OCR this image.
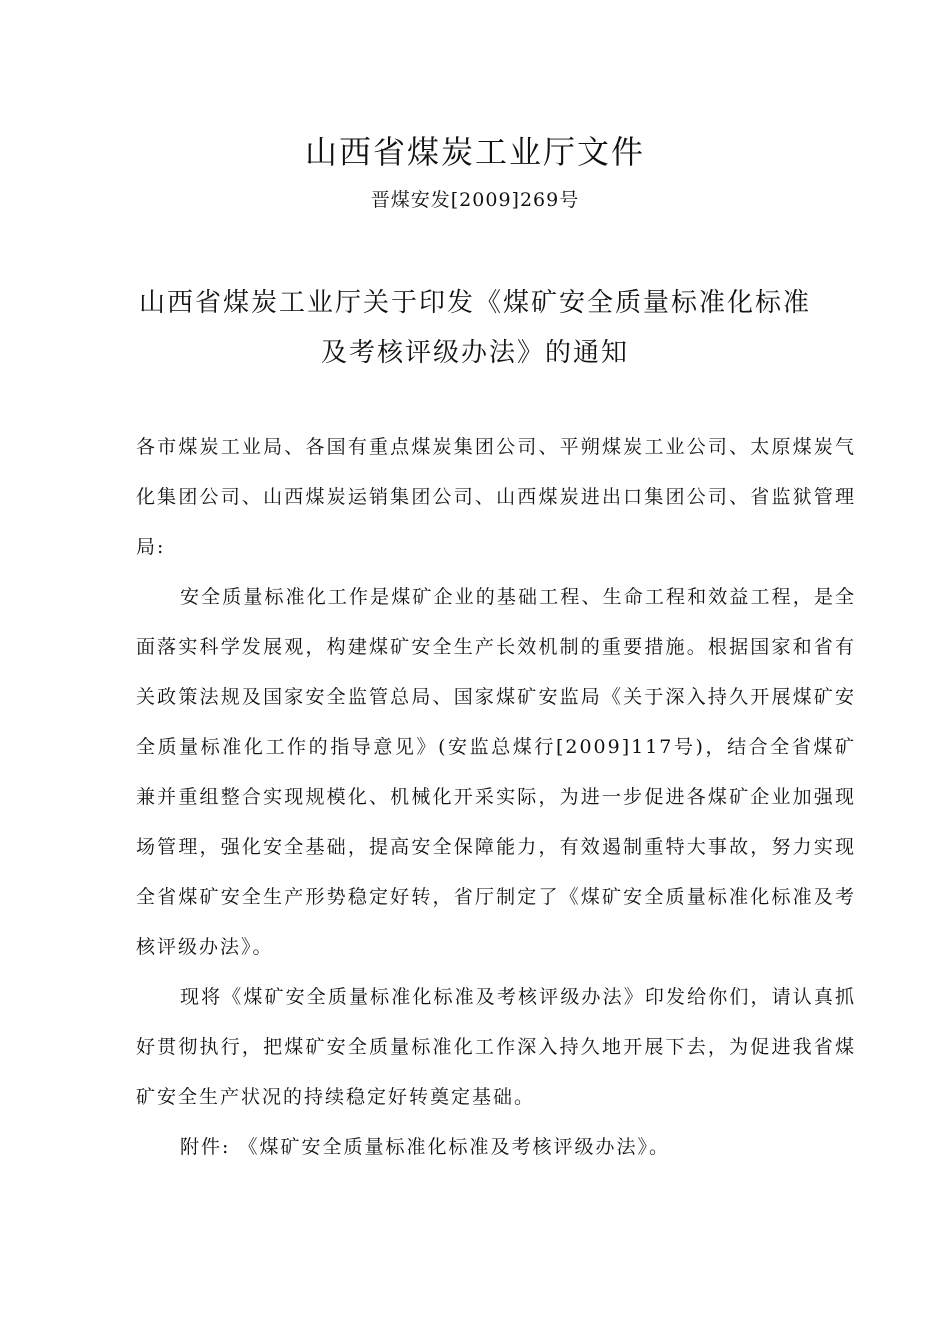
山西省煤炭工业厅文件
晋煤安发[2009]269号
山西省煤炭工业厅关于印发《煤矿安全质量标准化标准
及考核评级办法》的通知

各市煤炭工业局、各国有重点煤炭集团公司、平朔煤炭工业公司、太原煤炭气化集团公司、山西煤炭运销集团公司、山西煤炭进出口集团公司、省监狱管理局:

安全质量标准化工作是煤矿企业的基础工程、生命工程和效益工程，是全面落实科学发展观，构建煤矿安全生产长效机制的重要措施。根据国家和省有关政策法规及国家安全监管总局、国家煤矿安监局《关于深入持久开展煤矿安全质量标准化工作的指导意见》(安监总煤行[2009]117号)，结合全省煤矿兼并重组整合实现规模化、机械化开采实际，为进一步促进各煤矿企业加强现场管理，强化安全基础，提高安全保障能力，有效遏制重特大事故，努力实现全省煤矿安全生产形势稳定好转，省厅制定了《煤矿安全质量标准化标准及考核评级办法》。

现将《煤矿安全质量标准化标准及考核评级办法》印发给你们，请认真抓好贯彻执行，把煤矿安全质量标准化工作深入持久地开展下去，为促进我省煤矿安全生产状况的持续稳定好转奠定基础。

附件: 《煤矿安全质量标准化标准及考核评级办法》。
